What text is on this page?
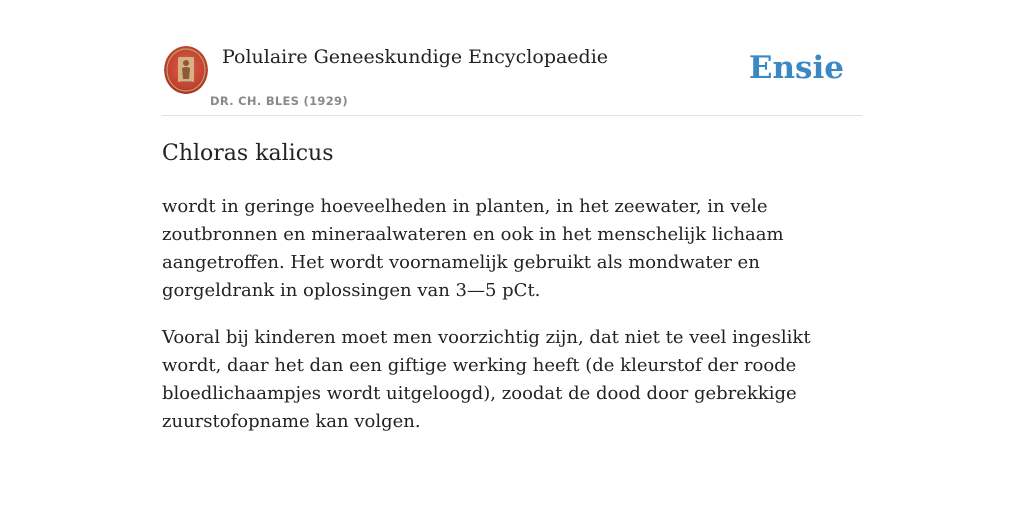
Polulaire Geneeskundige Encyclopaedie
DR. CH. BLES (1929)
Ensie
Chloras kalicus

wordt in geringe hoeveelheden in planten, in het zeewater, in vele zoutbronnen en mineraalwateren en ook in het menschelijk lichaam aangetroffen. Het wordt voornamelijk gebruikt als mondwater en gorgeldrank in oplossingen van 3—5 pCt.

Vooral bij kinderen moet men voorzichtig zijn, dat niet te veel ingeslikt wordt, daar het dan een giftige werking heeft (de kleurstof der roode bloedlichaampjes wordt uitgeloogd), zoodat de dood door gebrekkige zuurstofopname kan volgen.
